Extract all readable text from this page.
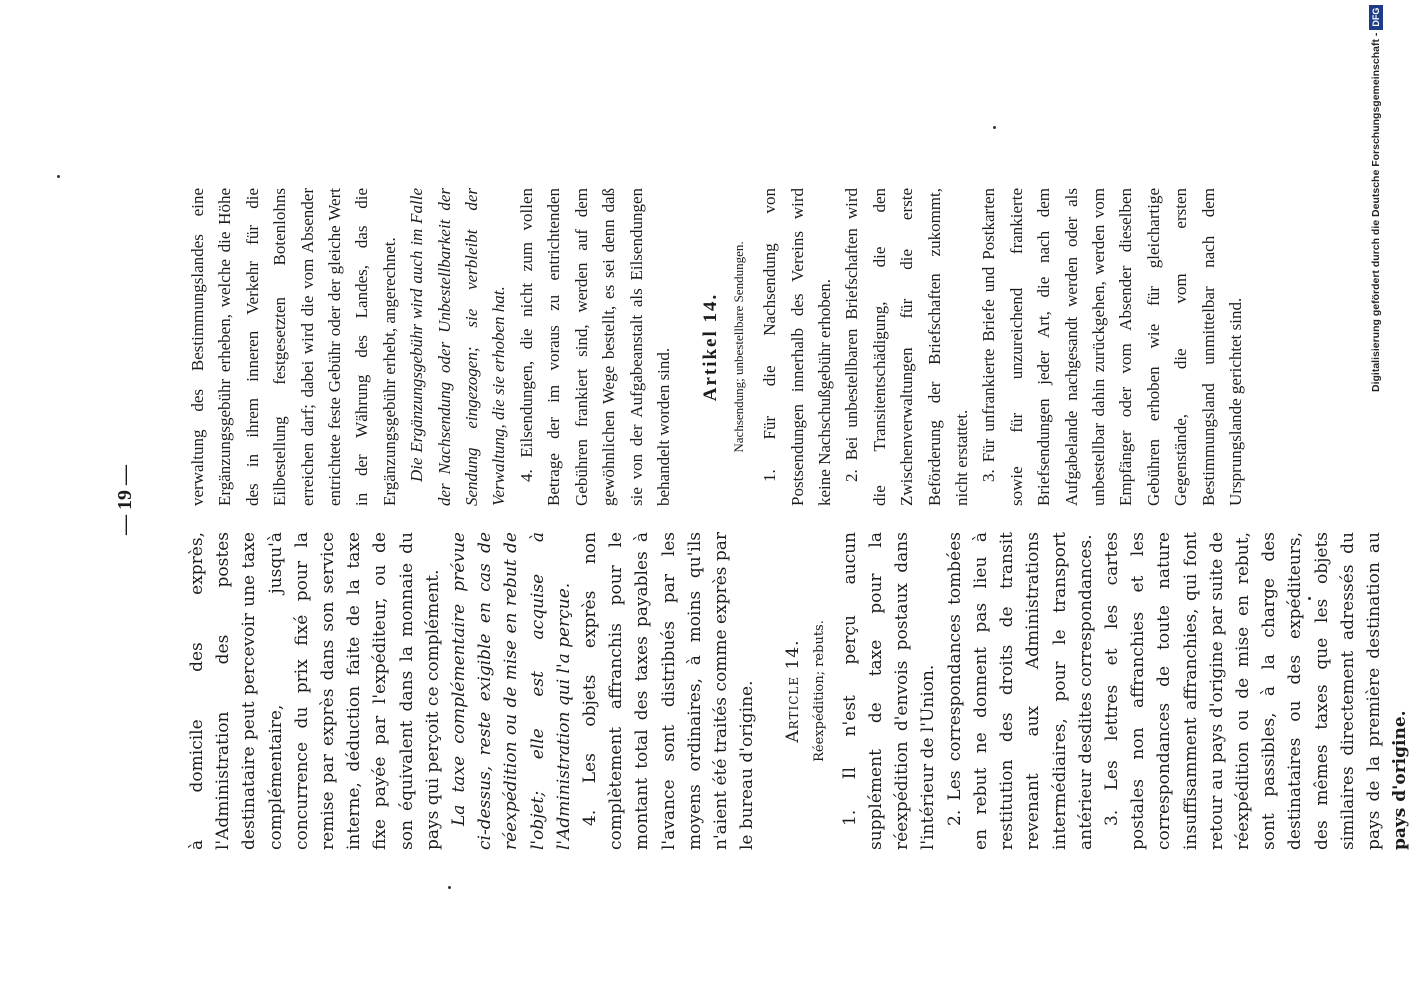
— 19 —

à domicile des exprès, l'Administration des postes destinataire peut percevoir une taxe complémentaire, jusqu'à concurrence du prix fixé pour la remise par exprès dans son service interne, déduction faite de la taxe fixe payée par l'expéditeur, ou de son équivalent dans la monnaie du pays qui perçoit ce complément. La taxe complémentaire prévue ci-dessus, reste exigible en cas de réexpédition ou de mise en rebut de l'objet; elle est acquise à l'Administration qui l'a perçue. 4. Les objets exprès non complètement affranchis pour le montant total des taxes payables à l'avance sont distribués par les moyens ordinaires, à moins qu'ils n'aient été traités comme exprès par le bureau d'origine. Article 14. Réexpédition; rebuts. 1. Il n'est perçu aucun supplément de taxe pour la réexpédition d'envois postaux dans l'intérieur de l'Union. 2. Les correspondances tombées en rebut ne donnent pas lieu à restitution des droits de transit revenant aux Administrations intermédiaires, pour le transport antérieur desdites correspondances. 3. Les lettres et les cartes postales non affranchies et les correspondances de toute nature insuffisamment affranchies, qui font retour au pays d'origine par suite de réexpédition ou de mise en rebut, sont passibles, à la charge des destinataires ou des expéditeurs, des mêmes taxes que les objets similaires directement adressés du pays de la première destination au pays d'origine.

verwaltung des Bestimmungslandes eine Ergänzungsgebühr erheben, welche die Höhe des in ihrem inneren Verkehr für die Eilbestellung festgesetzten Botenlohns erreichen darf; dabei wird die vom Absender entrichtete feste Gebühr oder der gleiche Wert in der Währung des Landes, das die Ergänzungsgebühr erhebt, angerechnet. Die Ergänzungsgebühr wird auch im Falle der Nachsendung oder Unbestellbarkeit der Sendung eingezogen; sie verbleibt der Verwaltung, die sie erhoben hat. 4. Eilsendungen, die nicht zum vollen Betrage der im voraus zu entrichtenden Gebühren frankiert sind, werden auf dem gewöhnlichen Wege bestellt, es sei denn daß sie von der Aufgabeanstalt als Eilsendungen behandelt worden sind.

Artikel 14. Nachsendung; unbestellbare Sendungen. 1. Für die Nachsendung von Postsendungen innerhalb des Vereins wird keine Nachschußgebühr erhoben. 2. Bei unbestellbaren Briefschaften wird die Transitentschädigung, die den Zwischenverwaltungen für die erste Beförderung der Briefschaften zukommt, nicht erstattet. 3. Für unfrankierte Briefe und Postkarten sowie für unzureichend frankierte Briefsendungen jeder Art, die nach dem Aufgabelande nachgesandt werden oder als unbestellbar dahin zurückgehen, werden vom Empfänger oder vom Absender dieselben Gebühren erhoben wie für gleichartige Gegenstände, die vom ersten Bestimmungsland unmittelbar nach dem Ursprungslande gerichtet sind.

Digitalisierung gefördert durch die Deutsche Forschungsgemeinschaft -DFG
